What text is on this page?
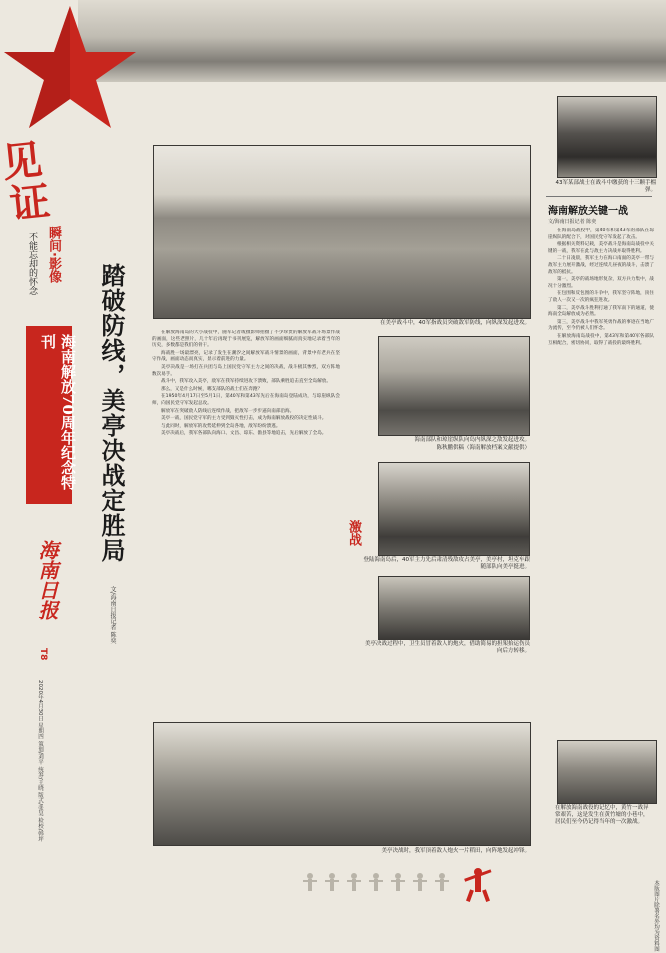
见
证
瞬间·影像
不能忘却的怀念
海南解放70周年纪念特刊
海南日报
T8
2020年4月30日 星期四 策划/刘平 统筹/王晓 版式/张昊 检校/韩坪
在美亭战斗中，40军指战员突破敌军防线，向纵深发起进攻。
踏破防线，美亭决战定胜局
文/海南日报记者 陈奕

在解放海南岛的大小战役中，随军记者或摄影师拍摄了不少珍贵的解放军战斗场景作战的画面，这些老照片，几十年后再现于书刊展览，解放军的画面细腻而真实地记录着当年的历史，多数都是我们的骨干。

海战胜一场最漂亮，记录了发生在潮汐之间解放军战斗情景的画面，背景中有老兵在坚守作战，画面动态而真实，显示着前进的力量。

美亭决战是一场打在兵团与岛上国民党守军主力之间的决战，战斗极其惨烈，双方阵地数次易手。

战斗中，我军攻入美亭，敌军在我军持续进攻下溃败，部队乘胜追击直至全岛解放。

那么，又是什么时候，哪支部队的战士们在奔跑？

在1950年4月17日至5月1日，第40军和第43军先后在海南岛登陆成功，与琼崖纵队会师，向国民党守军发起总攻。

解放军在突破敌人防线后连续作战，把敌军一步步逼向南部沿海。

美亭一战，国民党守军的主力受到毁灭性打击，成为海南解放战役的决定性战斗。

与此同时，解放军的攻势延伸到全岛各地，敌军纷纷溃逃。

美亭决战后，我军各部队向海口、文昌、琼东、儋县等地追击，先后解放了全岛。

海南部队和琼崖纵队向岛内纵深之敌发起进攻。
陈秋鹏供稿（海南解放档案文献提供）
激战
登陆海南岛后，40军主力先后肃清残敌攻占美亭，美亭村，坦克车跟随部队向美亭挺进。
美亭决战过程中，卫生员冒着敌人的炮火，借助简易的担架抬运伤员向后方转移。
美亭决战时，我军顶着敌人炮火一片稻田，向阵地发起冲锋。
43军某部战士在战斗中缴获的十三颗手榴弹。
海南解放关键一战
文/海南日报记者 陈奕

在海南岛战役中，第40军和第43军的部队在琼崖纵队的配合下，对国民党守军发起了攻击。

根据相关资料记载，美亭战斗是海南岛战役中关键的一战，我军在此与敌主力决战并取得胜利。

二十日凌晨，我军主力在海口南面的美亭一带与敌军主力展开激战，经过连续几昼夜的战斗，击溃了敌军的抵抗。

第一，美亭的战场地形复杂，双方兵力集中，战况十分激烈。

在包围和反包围的斗争中，我军坚守阵地，顶住了敌人一次又一次的疯狂进攻。

第二，美亭战斗胜利打通了我军南下的通道，使海南全岛解放成为必然。

第三，美亭战斗中我军英勇作战的事迹在当地广为流传，至今仍被人们怀念。

在解放海南岛战役中，第43军和第40军各部队互相配合，密切协同，取得了战役的最终胜利。

在解放海南战役的记忆中，黄竹一战异常艰苦，这是发生在黄竹墟的小巷中，居民们至今仍记得当年的一次激战。
本版图片除署名外均为资料图
